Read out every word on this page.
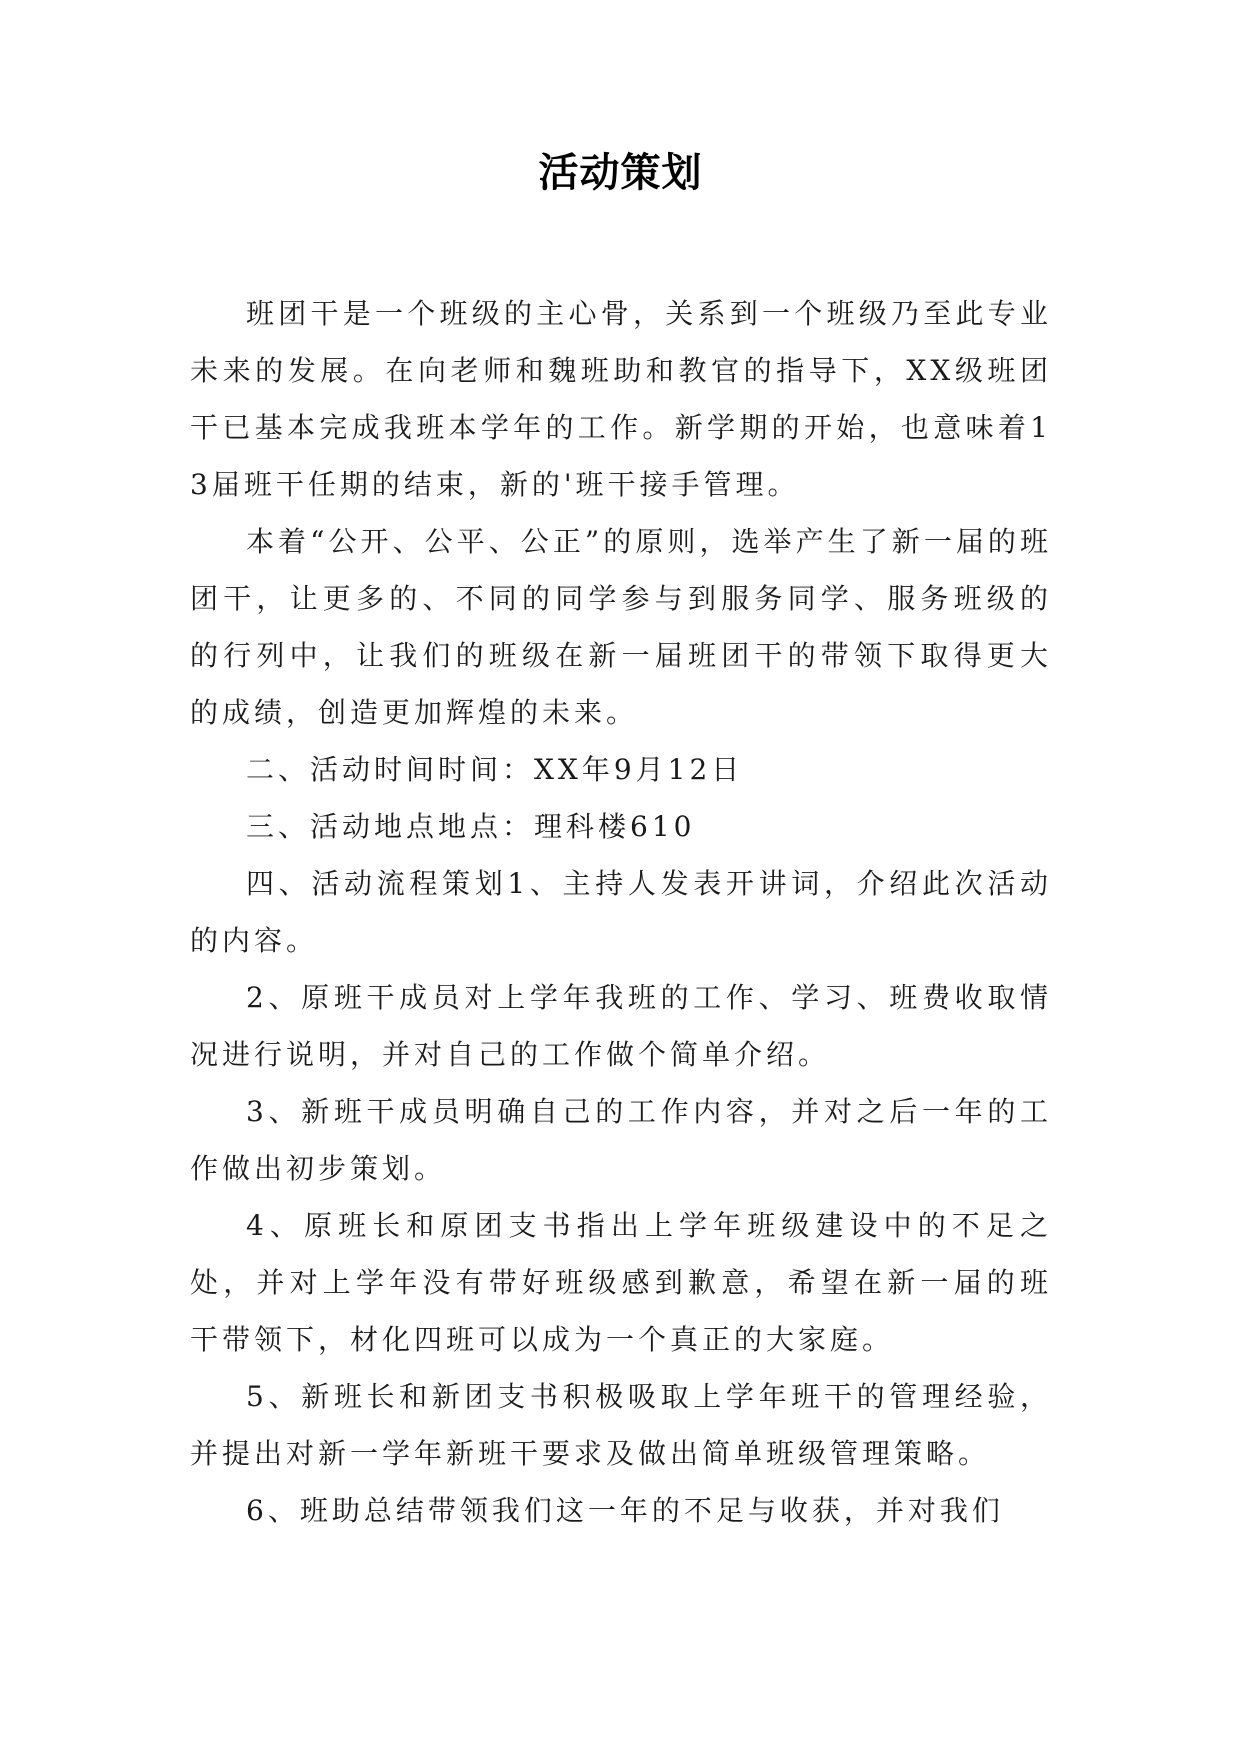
活动策划

班团干是一个班级的主心骨，关系到一个班级乃至此专业未来的发展。在向老师和魏班助和教官的指导下，XX级班团干已基本完成我班本学年的工作。新学期的开始，也意味着13届班干任期的结束，新的'班干接手管理。

本着“公开、公平、公正”的原则，选举产生了新一届的班团干，让更多的、不同的同学参与到服务同学、服务班级的的行列中，让我们的班级在新一届班团干的带领下取得更大的成绩，创造更加辉煌的未来。

二、活动时间时间：XX年9月12日

三、活动地点地点：理科楼610

四、活动流程策划1、主持人发表开讲词，介绍此次活动的内容。

2、原班干成员对上学年我班的工作、学习、班费收取情况进行说明，并对自己的工作做个简单介绍。

3、新班干成员明确自己的工作内容，并对之后一年的工作做出初步策划。

4、原班长和原团支书指出上学年班级建设中的不足之处，并对上学年没有带好班级感到歉意，希望在新一届的班干带领下，材化四班可以成为一个真正的大家庭。

5、新班长和新团支书积极吸取上学年班干的管理经验，并提出对新一学年新班干要求及做出简单班级管理策略。

6、班助总结带领我们这一年的不足与收获，并对我们
